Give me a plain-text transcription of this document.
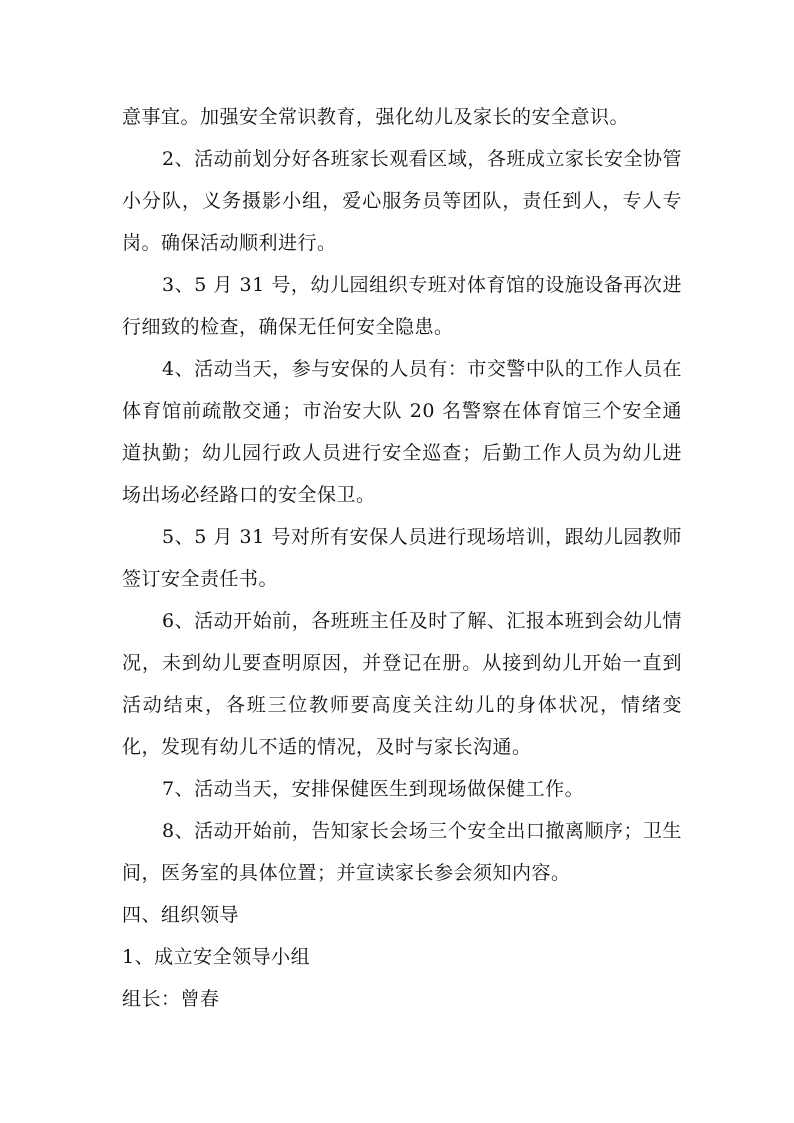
意事宜。加强安全常识教育，强化幼儿及家长的安全意识。

2、活动前划分好各班家长观看区域，各班成立家长安全协管小分队，义务摄影小组，爱心服务员等团队，责任到人，专人专岗。确保活动顺利进行。

3、5 月 31 号，幼儿园组织专班对体育馆的设施设备再次进行细致的检查，确保无任何安全隐患。

4、活动当天，参与安保的人员有：市交警中队的工作人员在体育馆前疏散交通；市治安大队 20 名警察在体育馆三个安全通道执勤；幼儿园行政人员进行安全巡查；后勤工作人员为幼儿进场出场必经路口的安全保卫。

5、5 月 31 号对所有安保人员进行现场培训，跟幼儿园教师签订安全责任书。

6、活动开始前，各班班主任及时了解、汇报本班到会幼儿情况，未到幼儿要查明原因，并登记在册。从接到幼儿开始一直到活动结束，各班三位教师要高度关注幼儿的身体状况，情绪变化，发现有幼儿不适的情况，及时与家长沟通。

7、活动当天，安排保健医生到现场做保健工作。

8、活动开始前，告知家长会场三个安全出口撤离顺序；卫生间，医务室的具体位置；并宣读家长参会须知内容。

四、组织领导

1、成立安全领导小组

组长：曾春
